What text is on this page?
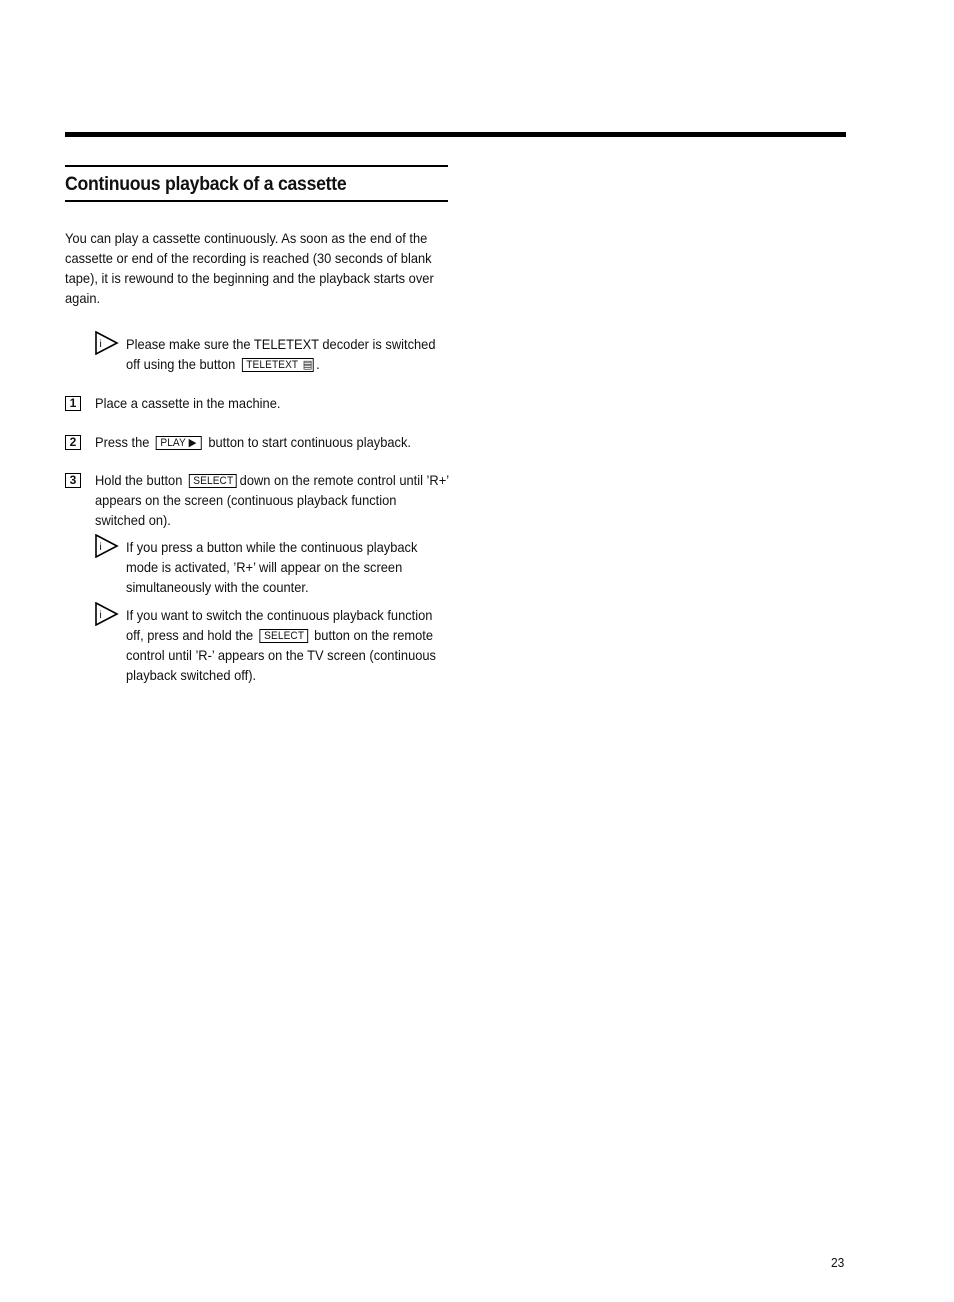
Continuous playback of a cassette
You can play a cassette continuously. As soon as the end of the cassette or end of the recording is reached (30 seconds of blank tape), it is rewound to the beginning and the playback starts over again.
i Please make sure the TELETEXT decoder is switched off using the button TELETEXT ▤ .
1	Place a cassette in the machine.
2	Press the PLAY ▶ button to start continuous playback.
3	Hold the button SELECT down on the remote control until ’R+’ appears on the screen (continuous playback function switched on).
i If you press a button while the continuous playback mode is activated, ’R+’ will appear on the screen simultaneously with the counter.
i If you want to switch the continuous playback function off, press and hold the SELECT button on the remote control until ’R-’ appears on the TV screen (continuous playback switched off).
23
